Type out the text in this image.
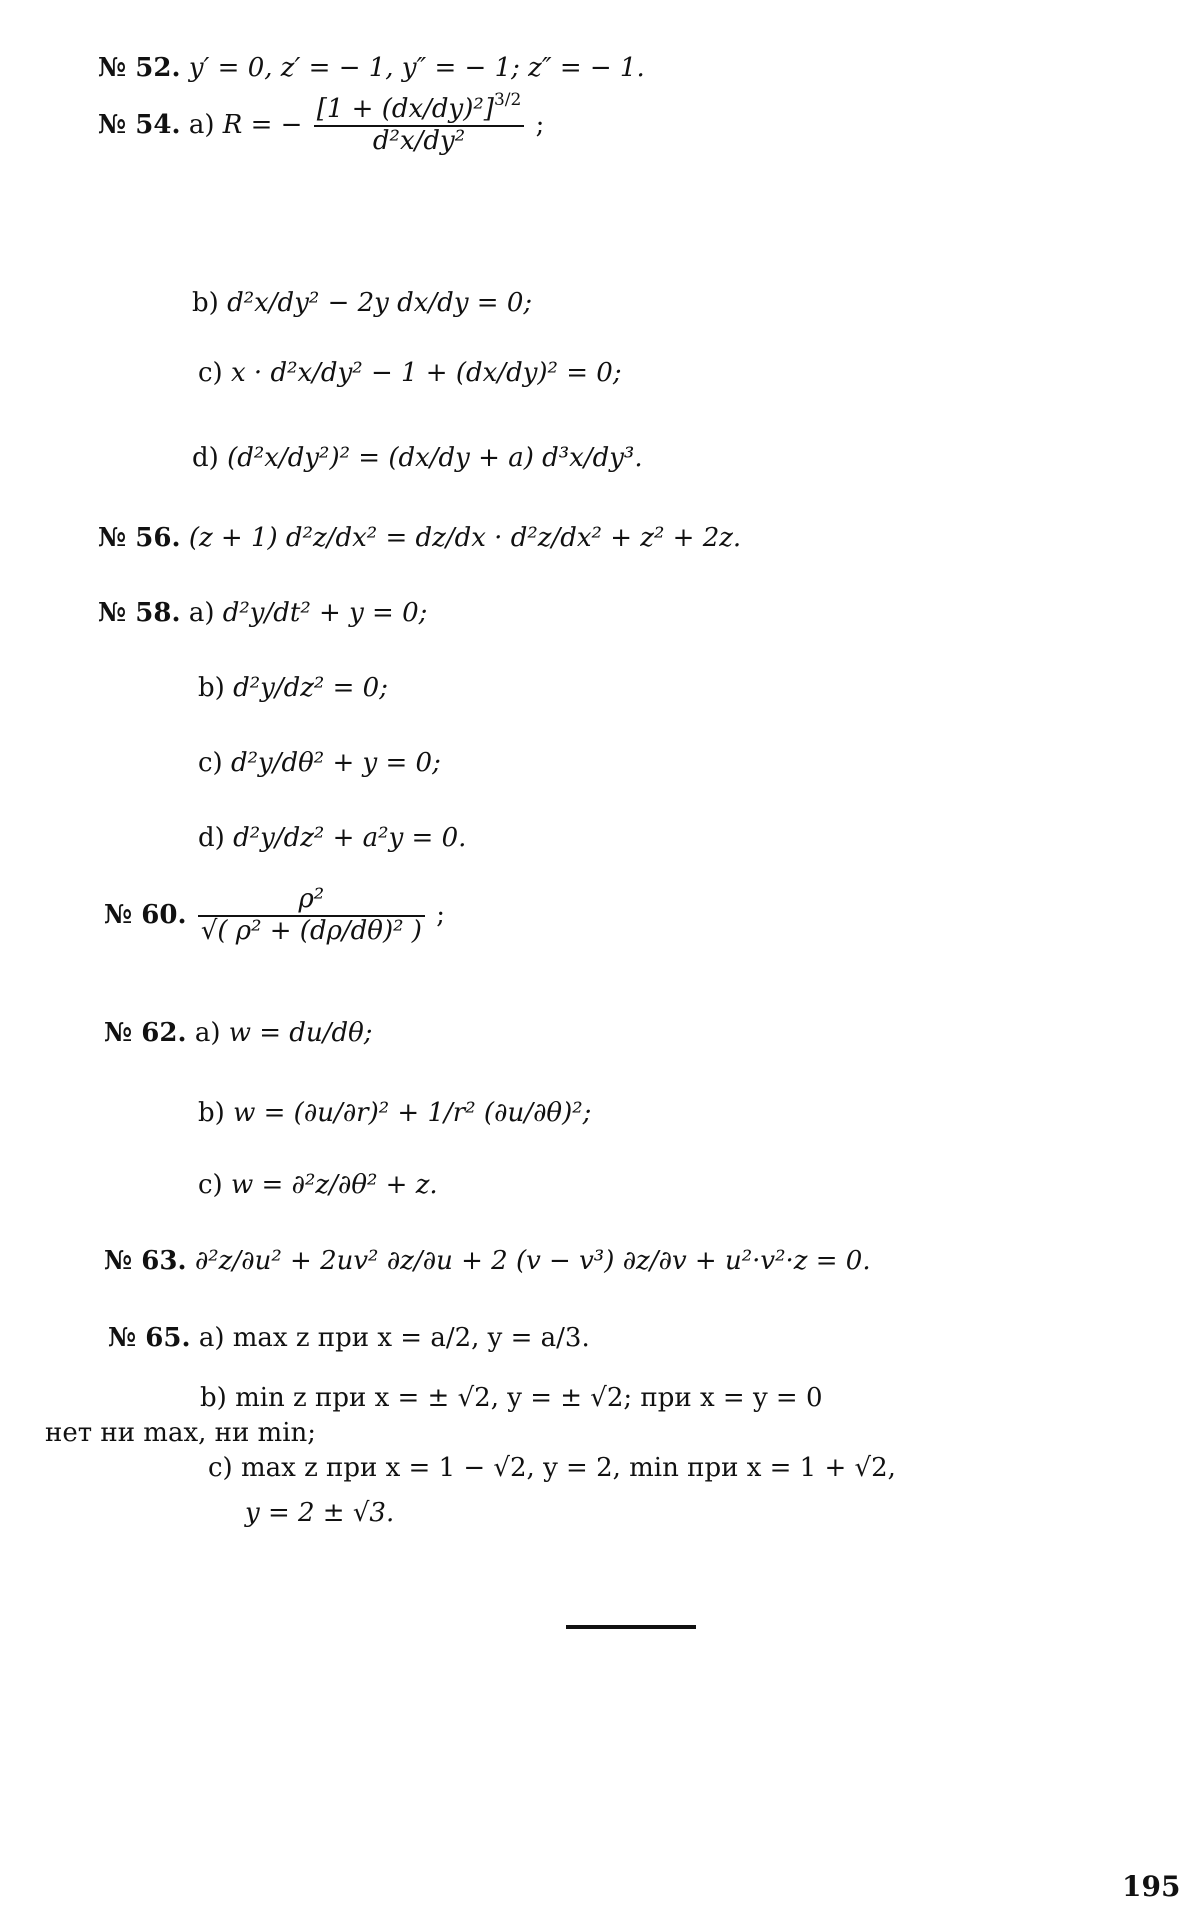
№ 52. y′ = 0, z′ = − 1, y″ = − 1; z″ = − 1.
№ 54. a) R = − $\frac{[1 + (dx/dy)^2]^{3/2}}{\text{d²x/dy²}}$ ;
b) d²x/dy² − 2y dx/dy = 0;
c) x · d²x/dy² − 1 + (dx/dy)² = 0;
d) (d²x/dy²)² = (dx/dy + a) d³x/dy³.
№ 56. (z + 1) d²z/dx² = dz/dx · d²z/dx² + z² + 2z.
№ 58. a) d²y/dt² + y = 0;
b) d²y/dz² = 0;
c) d²y/dθ² + y = 0;
d) d²y/dz² + a²y = 0.
№ 60. $\frac{\text{ρ²}}{\text{√( ρ² + (dρ/dθ)² )}}$ ;
№ 62. a) w = du/dθ;
b) w = (∂u/∂r)² + 1/r² (∂u/∂θ)²;
c) w = ∂²z/∂θ² + z.
№ 63. ∂²z/∂u² + 2uv² ∂z/∂u + 2 (v − v³) ∂z/∂v + u²·v²·z = 0.
№ 65. a) max z при x = a/2, y = a/3.
b) min z при x = ± √2, y = ± √2; при x = y = 0
нет ни max, ни min;
c) max z при x = 1 − √2, y = 2, min при x = 1 + √2,
y = 2 ± √3.
195
